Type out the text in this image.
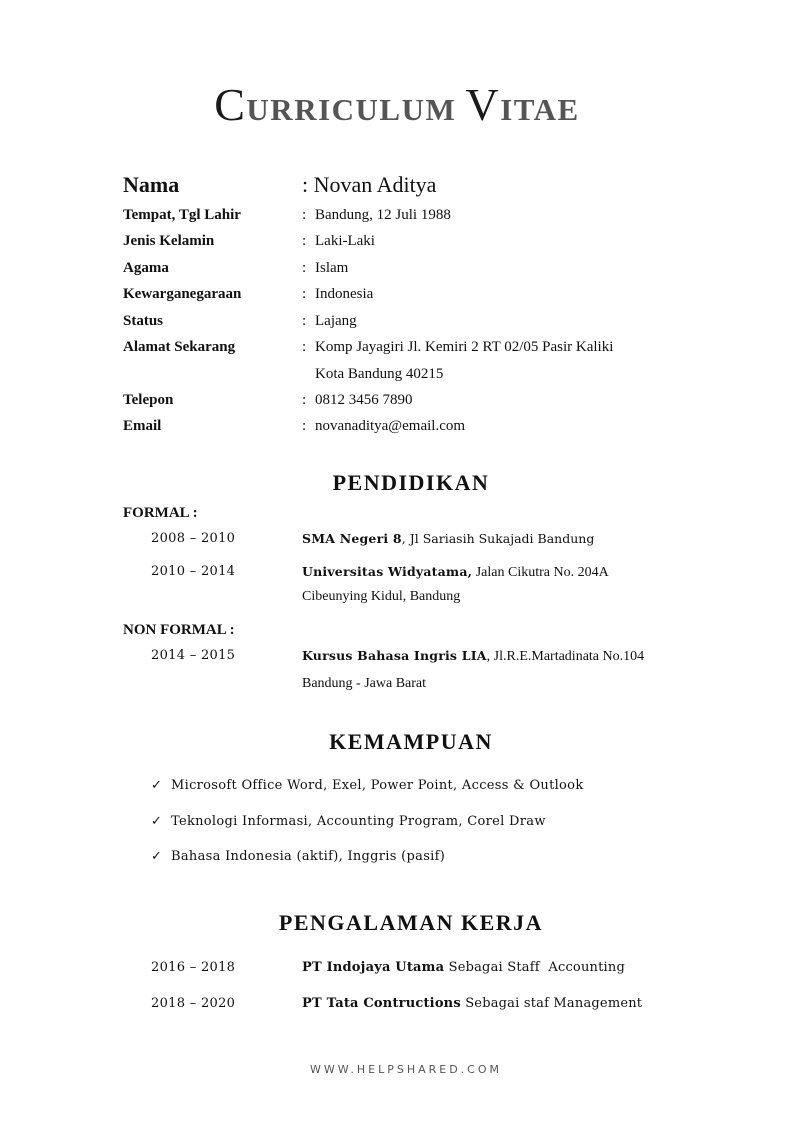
CURRICULUM VITAE
Nama	: Novan Aditya
Tempat, Tgl Lahir	: Bandung, 12 Juli 1988
Jenis Kelamin	: Laki-Laki
Agama	: Islam
Kewarganegaraan	: Indonesia
Status	: Lajang
Alamat Sekarang	: Komp Jayagiri Jl. Kemiri 2 RT 02/05 Pasir Kaliki
Kota Bandung 40215
Telepon	: 0812 3456 7890
Email	: novanaditya@email.com
PENDIDIKAN
FORMAL :
2008 – 2010	SMA Negeri 8, Jl Sariasih Sukajadi Bandung
2010 – 2014	Universitas Widyatama, Jalan Cikutra No. 204A
Cibeunying Kidul, Bandung
NON FORMAL :
2014 – 2015	Kursus Bahasa Ingris LIA, Jl.R.E.Martadinata No.104
Bandung - Jawa Barat
KEMAMPUAN
✓ Microsoft Office Word, Exel, Power Point, Access & Outlook
✓ Teknologi Informasi, Accounting Program, Corel Draw
✓ Bahasa Indonesia (aktif), Inggris (pasif)
PENGALAMAN KERJA
2016 – 2018	PT Indojaya Utama Sebagai Staff  Accounting
2018 – 2020	PT Tata Contructions Sebagai staf Management
WWW.HELPSHARED.COM
